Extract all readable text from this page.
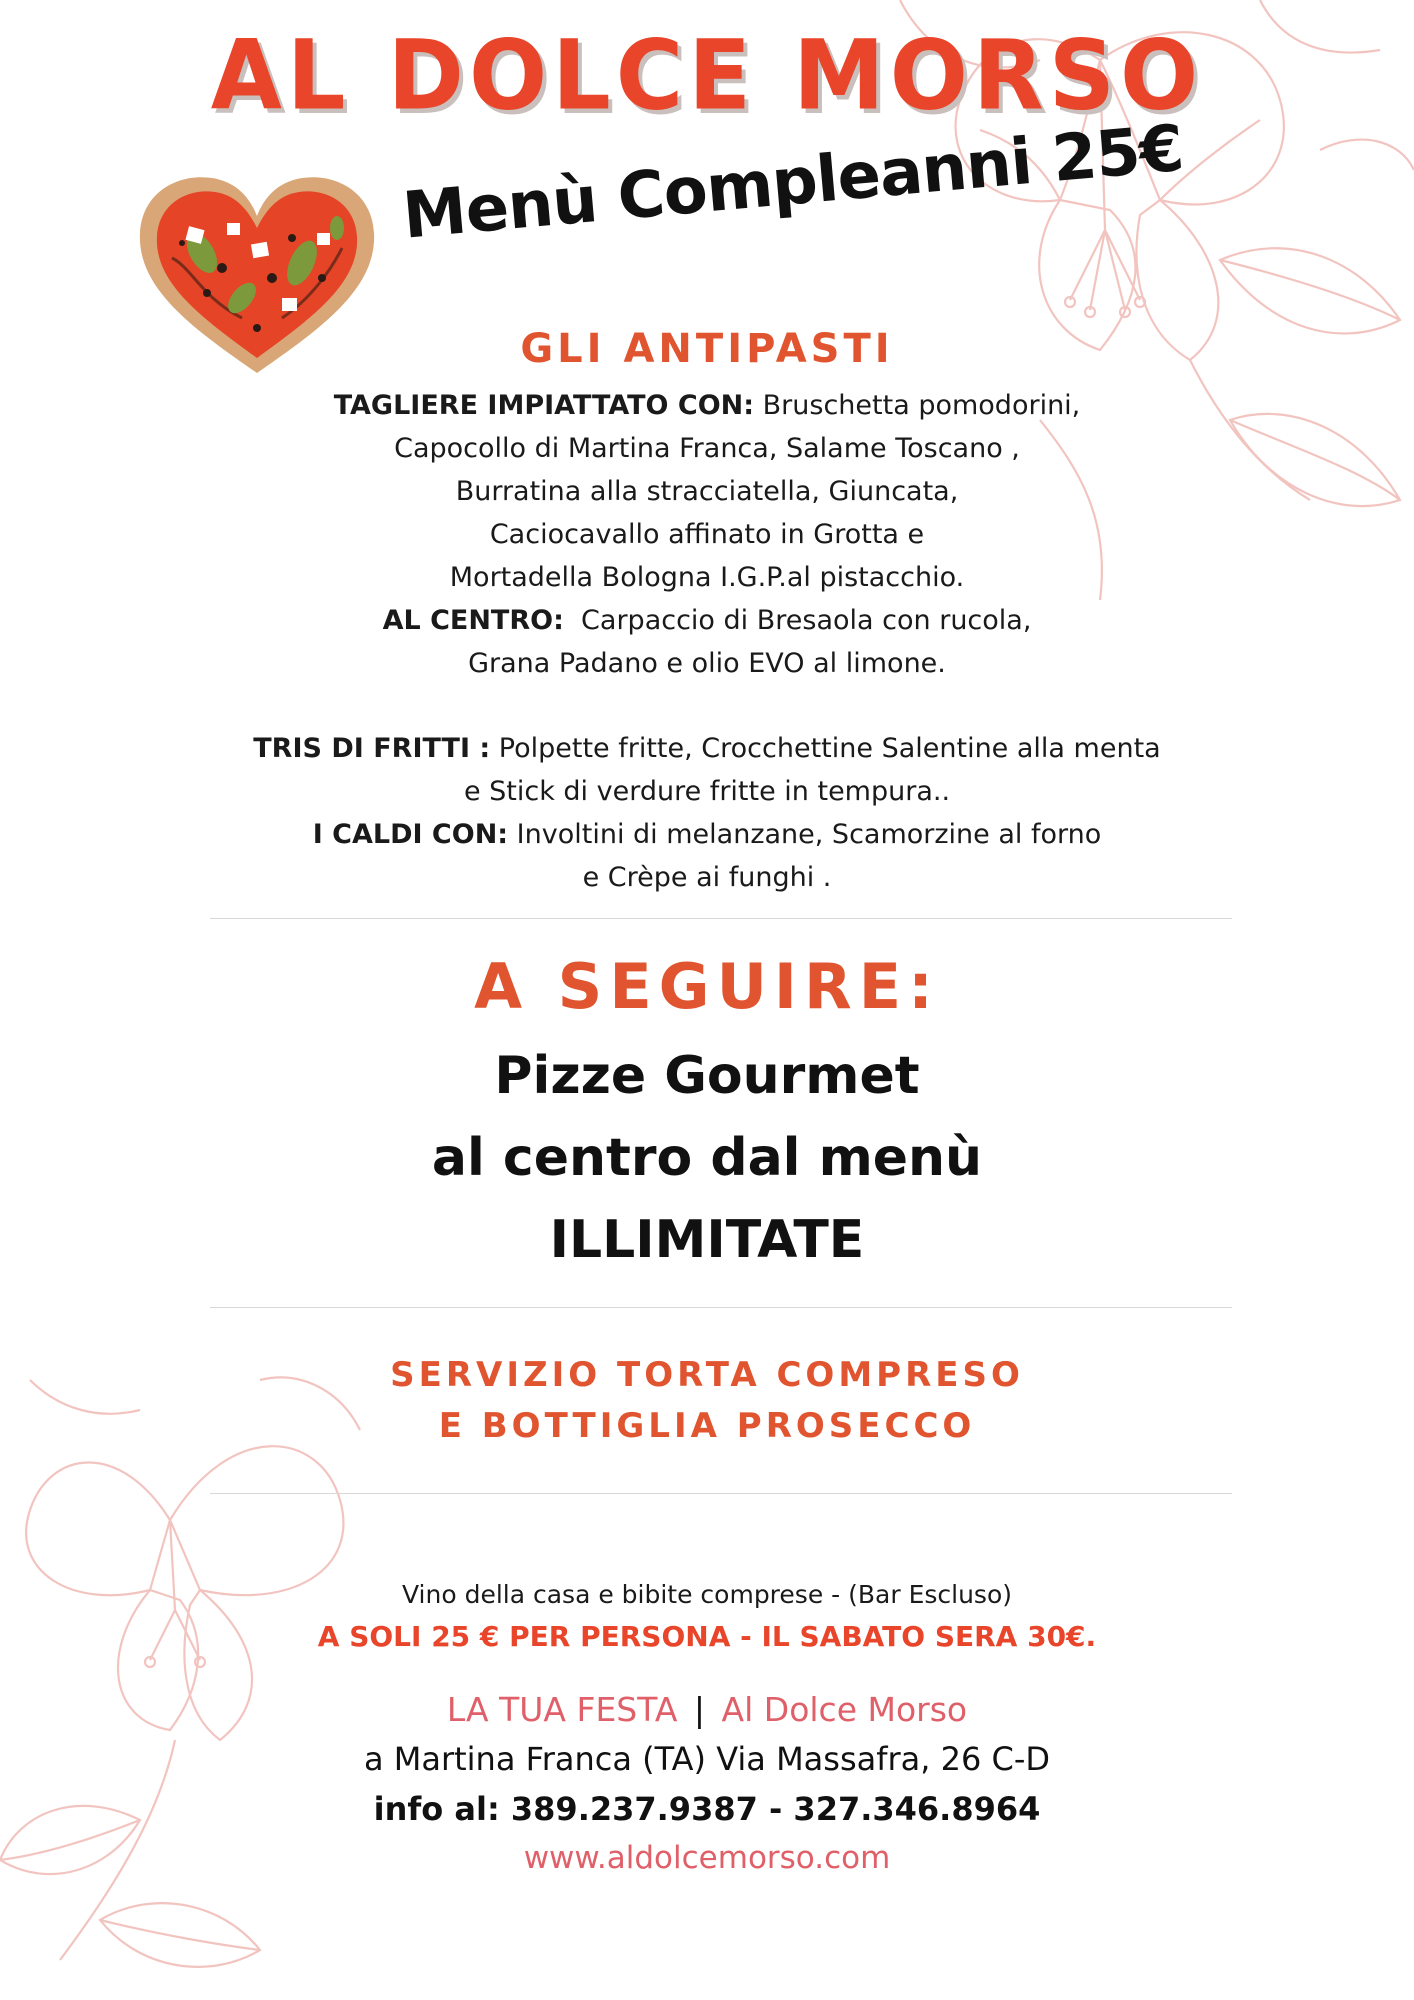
AL DOLCE MORSO
Menù Compleanni 25€
GLI ANTIPASTI
TAGLIERE IMPIATTATO CON: Bruschetta pomodorini,
Capocollo di Martina Franca, Salame Toscano ,
Burratina alla stracciatella, Giuncata,
Caciocavallo affinato in Grotta e
Mortadella Bologna I.G.P.al pistacchio.
AL CENTRO:  Carpaccio di Bresaola con rucola,
Grana Padano e olio EVO al limone.
TRIS DI FRITTI : Polpette fritte, Crocchettine Salentine alla menta
e Stick di verdure fritte in tempura..
I CALDI CON: Involtini di melanzane, Scamorzine al forno
e Crèpe ai funghi .
A SEGUIRE:
Pizze Gourmet
al centro dal menù
ILLIMITATE
SERVIZIO TORTA COMPRESO
E BOTTIGLIA PROSECCO
Vino della casa e bibite comprese - (Bar Escluso)
A SOLI 25 € PER PERSONA - IL SABATO SERA 30€.
LA TUA FESTA | Al Dolce Morso
a Martina Franca (TA) Via Massafra, 26 C-D
info al: 389.237.9387 - 327.346.8964
www.aldolcemorso.com
